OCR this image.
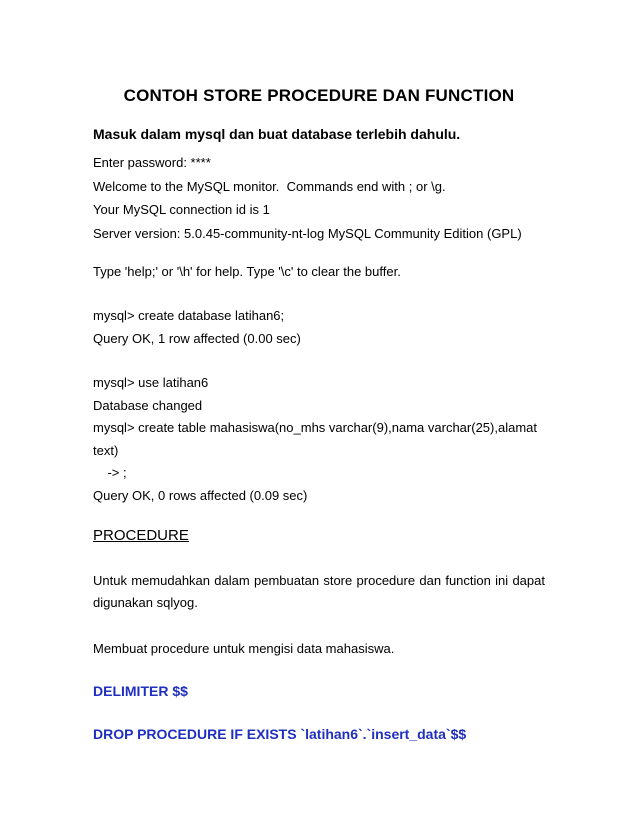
CONTOH STORE PROCEDURE DAN FUNCTION
Masuk dalam mysql dan buat database terlebih dahulu.
Enter password: ****
Welcome to the MySQL monitor.  Commands end with ; or \g.
Your MySQL connection id is 1
Server version: 5.0.45-community-nt-log MySQL Community Edition (GPL)
Type 'help;' or '\h' for help. Type '\c' to clear the buffer.
mysql> create database latihan6;
Query OK, 1 row affected (0.00 sec)
mysql> use latihan6
Database changed
mysql> create table mahasiswa(no_mhs varchar(9),nama varchar(25),alamat
text)
-> ;
Query OK, 0 rows affected (0.09 sec)
PROCEDURE
Untuk memudahkan dalam pembuatan store procedure dan function ini dapat digunakan sqlyog.
Membuat procedure untuk mengisi data mahasiswa.
DELIMITER $$
DROP PROCEDURE IF EXISTS `latihan6`.`insert_data`$$
